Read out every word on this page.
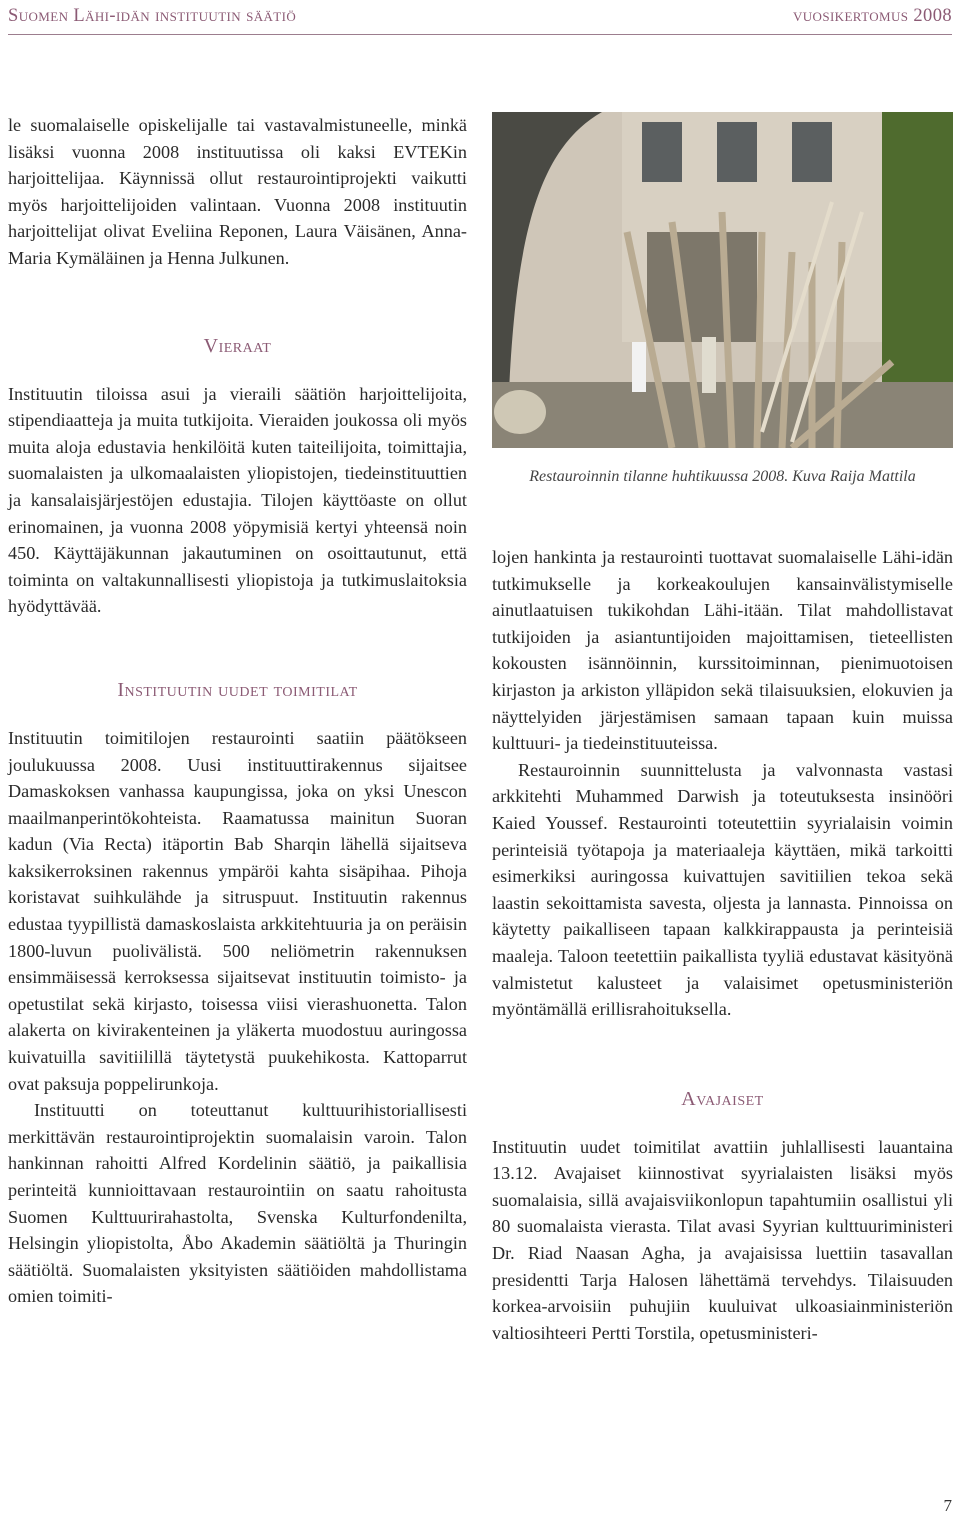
Suomen Lähi-idän instituutin säätiö	vuosikertomus 2008

le suomalaiselle opiskelijalle tai vastavalmistuneelle, minkä lisäksi vuonna 2008 instituutissa oli kaksi EVTEKin harjoittelijaa. Käynnissä ollut restaurointiprojekti vaikutti myös harjoittelijoiden valintaan. Vuonna 2008 instituutin harjoittelijat olivat Eveliina Reponen, Laura Väisänen, Anna-Maria Kymäläinen ja Henna Julkunen.

Vieraat

Instituutin tiloissa asui ja vieraili säätiön harjoittelijoita, stipendiaatteja ja muita tutkijoita. Vieraiden joukossa oli myös muita aloja edustavia henkilöitä kuten taiteilijoita, toimittajia, suomalaisten ja ulkomaalaisten yliopistojen, tiedeinstituuttien ja kansalaisjärjestöjen edustajia. Tilojen käyttöaste on ollut erinomainen, ja vuonna 2008 yöpymisiä kertyi yhteensä noin 450. Käyttäjäkunnan jakautuminen on osoittautunut, että toiminta on valtakunnallisesti yliopistoja ja tutkimuslaitoksia hyödyttävää.

Instituutin uudet toimitilat

Instituutin toimitilojen restaurointi saatiin päätökseen joulukuussa 2008. Uusi instituuttirakennus sijaitsee Damaskoksen vanhassa kaupungissa, joka on yksi Unescon maailmanperintökohteista. Raamatussa mainitun Suoran kadun (Via Recta) itäportin Bab Sharqin lähellä sijaitseva kaksikerroksinen rakennus ympäröi kahta sisäpihaa. Pihoja koristavat suihkulähde ja sitruspuut. Instituutin rakennus edustaa tyypillistä damaskoslaista arkkitehtuuria ja on peräisin 1800-luvun puolivälistä. 500 neliömetrin rakennuksen ensimmäisessä kerroksessa sijaitsevat instituutin toimisto- ja opetustilat sekä kirjasto, toisessa viisi vierashuonetta. Talon alakerta on kivirakenteinen ja yläkerta muodostuu auringossa kuivatuilla savitiilillä täytetystä puukehikosta. Kattoparrut ovat paksuja poppelirunkoja.

Instituutti on toteuttanut kulttuurihistoriallisesti merkittävän restaurointiprojektin suomalaisin varoin. Talon hankinnan rahoitti Alfred Kordelinin säätiö, ja paikallisia perinteitä kunnioittavaan restaurointiin on saatu rahoitusta Suomen Kulttuurirahastolta, Svenska Kulturfondenilta, Helsingin yliopistolta, Åbo Akademin säätiöltä ja Thuringin säätiöltä. Suomalaisten yksityisten säätiöiden mahdollistama omien toimiti-

Restauroinnin tilanne huhtikuussa 2008. Kuva Raija Mattila

lojen hankinta ja restaurointi tuottavat suomalaiselle Lähi-idän tutkimukselle ja korkeakoulujen kansainvälistymiselle ainutlaatuisen tukikohdan Lähi-itään. Tilat mahdollistavat tutkijoiden ja asiantuntijoiden majoittamisen, tieteellisten kokousten isännöinnin, kurssitoiminnan, pienimuotoisen kirjaston ja arkiston ylläpidon sekä tilaisuuksien, elokuvien ja näyttelyiden järjestämisen samaan tapaan kuin muissa kulttuuri- ja tiedeinstituuteissa.

Restauroinnin suunnittelusta ja valvonnasta vastasi arkkitehti Muhammed Darwish ja toteutuksesta insinööri Kaied Youssef. Restaurointi toteutettiin syyrialaisin voimin perinteisiä työtapoja ja materiaaleja käyttäen, mikä tarkoitti esimerkiksi auringossa kuivattujen savitiilien tekoa sekä laastin sekoittamista savesta, oljesta ja lannasta. Pinnoissa on käytetty paikalliseen tapaan kalkkirappausta ja perinteisiä maaleja. Taloon teetettiin paikallista tyyliä edustavat käsityönä valmistetut kalusteet ja valaisimet opetusministeriön myöntämällä erillisrahoituksella.

Avajaiset

Instituutin uudet toimitilat avattiin juhlallisesti lauantaina 13.12. Avajaiset kiinnostivat syyrialaisten lisäksi myös suomalaisia, sillä avajaisviikonlopun tapahtumiin osallistui yli 80 suomalaista vierasta. Tilat avasi Syyrian kulttuuriministeri Dr. Riad Naasan Agha, ja avajaisissa luettiin tasavallan presidentti Tarja Halosen lähettämä tervehdys. Tilaisuuden korkea-arvoisiin puhujiin kuuluivat ulkoasiainministeriön valtiosihteeri Pertti Torstila, opetusministeri-

7
